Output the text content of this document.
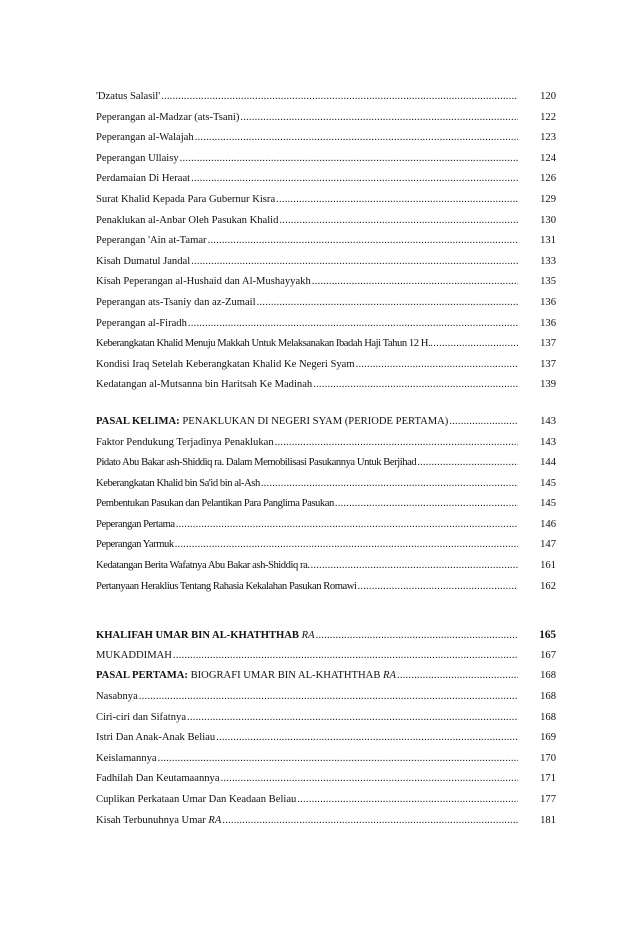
'Dzatus Salasil' .....	120
Peperangan al-Madzar (ats-Tsani) .....	122
Peperangan al-Walajah .....	123
Peperangan Ullaisy .....	124
Perdamaian Di Heraat .....	126
Surat Khalid Kepada Para Gubernur Kisra .....	129
Penaklukan al-Anbar Oleh Pasukan Khalid .....	130
Peperangan 'Ain at-Tamar .....	131
Kisah Dumatul Jandal .....	133
Kisah Peperangan al-Hushaid dan Al-Mushayyakh .....	135
Peperangan ats-Tsaniy dan az-Zumail .....	136
Peperangan al-Firadh .....	136
Keberangkatan Khalid Menuju Makkah Untuk Melaksanakan Ibadah Haji Tahun 12 H.. .....	137
Kondisi Iraq Setelah Keberangkatan Khalid Ke Negeri Syam .....	137
Kedatangan al-Mutsanna bin Haritsah Ke Madinah .....	139
PASAL KELIMA: PENAKLUKAN DI NEGERI SYAM (PERIODE PERTAMA) .....	143
Faktor Pendukung Terjadinya Penaklukan .....	143
Pidato Abu Bakar ash-Shiddiq ra. Dalam Memobilisasi Pasukannya Untuk Berjihad .....	144
Keberangkatan Khalid bin Sa'id bin al-Ash .....	145
Pembentukan Pasukan dan Pelantikan Para Panglima Pasukan .....	145
Peperangan Pertama .....	146
Peperangan Yarmuk .....	147
Kedatangan Berita Wafatnya Abu Bakar ash-Shiddiq ra. .....	161
Pertanyaan Heraklius Tentang Rahasia Kekalahan Pasukan Romawi .....	162
KHALIFAH UMAR BIN AL-KHATHTHAB RA .....	165
MUKADDIMAH .....	167
PASAL PERTAMA: BIOGRAFI UMAR BIN AL-KHATHTHAB RA .....	168
Nasabnya .....	168
Ciri-ciri dan Sifatnya .....	168
Istri Dan Anak-Anak Beliau .....	169
Keislamannya .....	170
Fadhilah Dan Keutamaannya .....	171
Cuplikan Perkataan Umar Dan Keadaan Beliau .....	177
Kisah Terbunuhnya Umar RA .....	181
